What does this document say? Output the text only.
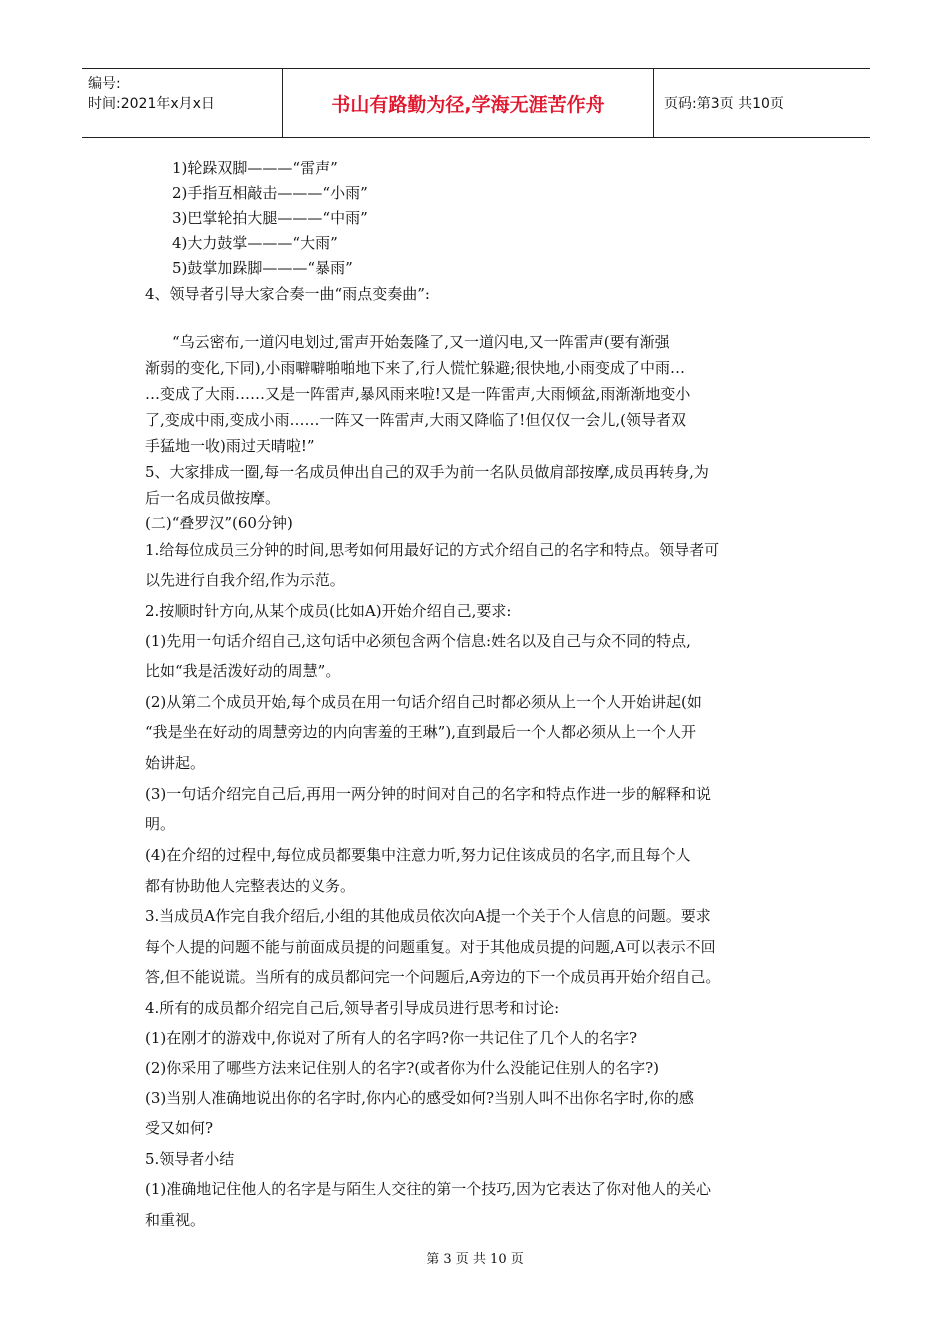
编号:
时间:2021年x月x日	书山有路勤为径,学海无涯苦作舟	页码:第3页 共10页
1)轮跺双脚———“雷声”
2)手指互相敲击———“小雨”
3)巴掌轮拍大腿———“中雨”
4)大力鼓掌———“大雨”
5)鼓掌加跺脚———“暴雨”
4、领导者引导大家合奏一曲“雨点变奏曲”:
“乌云密布,一道闪电划过,雷声开始轰隆了,又一道闪电,又一阵雷声(要有渐强
渐弱的变化,下同),小雨噼噼啪啪地下来了,行人慌忙躲避;很快地,小雨变成了中雨…
…变成了大雨……又是一阵雷声,暴风雨来啦!又是一阵雷声,大雨倾盆,雨渐渐地变小
了,变成中雨,变成小雨……一阵又一阵雷声,大雨又降临了!但仅仅一会儿,(领导者双
手猛地一收)雨过天晴啦!”
5、大家排成一圈,每一名成员伸出自己的双手为前一名队员做肩部按摩,成员再转身,为
后一名成员做按摩。
(二)“叠罗汉”(60分钟)
1.给每位成员三分钟的时间,思考如何用最好记的方式介绍自己的名字和特点。领导者可
以先进行自我介绍,作为示范。
2.按顺时针方向,从某个成员(比如A)开始介绍自己,要求:
(1)先用一句话介绍自己,这句话中必须包含两个信息:姓名以及自己与众不同的特点,
比如“我是活泼好动的周慧”。
(2)从第二个成员开始,每个成员在用一句话介绍自己时都必须从上一个人开始讲起(如
“我是坐在好动的周慧旁边的内向害羞的王琳”),直到最后一个人都必须从上一个人开
始讲起。
(3)一句话介绍完自己后,再用一两分钟的时间对自己的名字和特点作进一步的解释和说
明。
(4)在介绍的过程中,每位成员都要集中注意力听,努力记住该成员的名字,而且每个人
都有协助他人完整表达的义务。
3.当成员A作完自我介绍后,小组的其他成员依次向A提一个关于个人信息的问题。要求
每个人提的问题不能与前面成员提的问题重复。对于其他成员提的问题,A可以表示不回
答,但不能说谎。当所有的成员都问完一个问题后,A旁边的下一个成员再开始介绍自己。
4.所有的成员都介绍完自己后,领导者引导成员进行思考和讨论:
(1)在刚才的游戏中,你说对了所有人的名字吗?你一共记住了几个人的名字?
(2)你采用了哪些方法来记住别人的名字?(或者你为什么没能记住别人的名字?)
(3)当别人准确地说出你的名字时,你内心的感受如何?当别人叫不出你名字时,你的感
受又如何?
5.领导者小结
(1)准确地记住他人的名字是与陌生人交往的第一个技巧,因为它表达了你对他人的关心
和重视。
第 3 页 共 10 页
